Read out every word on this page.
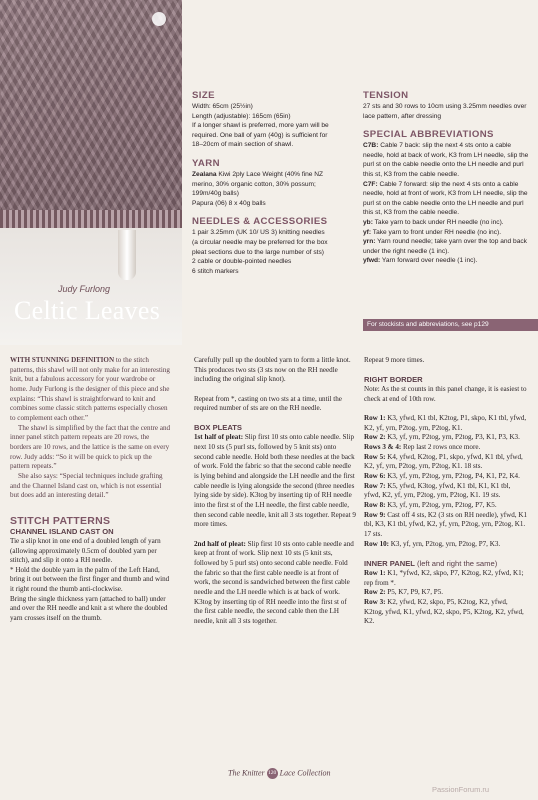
Judy Furlong
Celtic Leaves
SIZE
Width: 65cm (25½in)
Length (adjustable): 165cm (65in)
If a longer shawl is preferred, more yarn will be required. One ball of yarn (40g) is sufficient for 18–20cm of main section of shawl.
YARN
Zealana Kiwi 2ply Lace Weight (40% fine NZ merino, 30% organic cotton, 30% possum; 199m/40g balls)
Papura (06) 8 x 40g balls
NEEDLES & ACCESSORIES
1 pair 3.25mm (UK 10/ US 3) knitting needles
(a circular needle may be preferred for the box pleat sections due to the large number of sts)
2 cable or double-pointed needles
6 stitch markers
TENSION
27 sts and 30 rows to 10cm using 3.25mm needles over lace pattern, after dressing
SPECIAL ABBREVIATIONS
C7B: Cable 7 back: slip the next 4 sts onto a cable needle, hold at back of work, K3 from LH needle, slip the purl st on the cable needle onto the LH needle and purl this st, K3 from the cable needle.
C7F: Cable 7 forward: slip the next 4 sts onto a cable needle, hold at front of work, K3 from LH needle, slip the purl st on the cable needle onto the LH needle and purl this st, K3 from the cable needle.
yb: Take yarn to back under RH needle (no inc).
yf: Take yarn to front under RH needle (no inc).
yrn: Yarn round needle; take yarn over the top and back under the right needle (1 inc).
yfwd: Yarn forward over needle (1 inc).
For stockists and abbreviations, see p129

WITH STUNNING DEFINITION to the stitch patterns, this shawl will not only make for an interesting knit, but a fabulous accessory for your wardrobe or home. Judy Furlong is the designer of this piece and she explains: “This shawl is straightforward to knit and combines some classic stitch patterns especially chosen to complement each other.”

The shawl is simplified by the fact that the centre and inner panel stitch pattern repeats are 20 rows, the borders are 10 rows, and the lattice is the same on every row. Judy adds: “So it will be quick to pick up the pattern repeats.”

She also says: “Special techniques include grafting and the Channel Island cast on, which is not essential but does add an interesting detail.”

STITCH PATTERNS
CHANNEL ISLAND CAST ON

Tie a slip knot in one end of a doubled length of yarn (allowing approximately 0.5cm of doubled yarn per stitch), and slip it onto a RH needle.

* Hold the double yarn in the palm of the Left Hand, bring it out between the first finger and thumb and wind it right round the thumb anti-clockwise.

Bring the single thickness yarn (attached to ball) under and over the RH needle and knit a st where the doubled yarn crosses itself on the thumb.

Carefully pull up the doubled yarn to form a little knot. This produces two sts (3 sts now on the RH needle including the original slip knot).

Repeat from *, casting on two sts at a time, until the required number of sts are on the RH needle.

BOX PLEATS

1st half of pleat: Slip first 10 sts onto cable needle. Slip next 10 sts (5 purl sts, followed by 5 knit sts) onto second cable needle. Hold both these needles at the back of work. Fold the fabric so that the second cable needle is lying behind and alongside the LH needle and the first cable needle is lying alongside the second (three needles lying side by side). K3tog by inserting tip of RH needle into the first st of the LH needle, the first cable needle, then second cable needle, knit all 3 sts together. Repeat 9 more times.

2nd half of pleat: Slip first 10 sts onto cable needle and keep at front of work. Slip next 10 sts (5 knit sts, followed by 5 purl sts) onto second cable needle. Fold the fabric so that the first cable needle is at front of work, the second is sandwiched between the first cable needle and the LH needle which is at back of work. K3tog by inserting tip of RH needle into the first st of the first cable needle, the second cable then the LH needle, knit all 3 sts together.

Repeat 9 more times.

RIGHT BORDER

Note: As the st counts in this panel change, it is easiest to check at end of 10th row.

Row 1: K3, yfwd, K1 tbl, K2tog, P1, skpo, K1 tbl, yfwd, K2, yf, yrn, P2tog, yrn, P2tog, K1.

Row 2: K3, yf, yrn, P2tog, yrn, P2tog, P3, K1, P3, K3.

Rows 3 & 4: Rep last 2 rows once more.

Row 5: K4, yfwd, K2tog, P1, skpo, yfwd, K1 tbl, yfwd, K2, yf, yrn, P2tog, yrn, P2tog, K1. 18 sts.

Row 6: K3, yf, yrn, P2tog, yrn, P2tog, P4, K1, P2, K4.

Row 7: K5, yfwd, K3tog, yfwd, K1 tbl, K1, K1 tbl, yfwd, K2, yf, yrn, P2tog, yrn, P2tog, K1. 19 sts.

Row 8: K3, yf, yrn, P2tog, yrn, P2tog, P7, K5.

Row 9: Cast off 4 sts, K2 (3 sts on RH needle), yfwd, K1 tbl, K3, K1 tbl, yfwd, K2, yf, yrn, P2tog, yrn, P2tog, K1. 17 sts.

Row 10: K3, yf, yrn, P2tog, yrn, P2tog, P7, K3.

INNER PANEL (left and right the same)

Row 1: K1, *yfwd, K2, skpo, P7, K2tog, K2, yfwd, K1; rep from *.

Row 2: P5, K7, P9, K7, P5.

Row 3: K2, yfwd, K2, skpo, P5, K2tog, K2, yfwd, K2tog, yfwd, K1, yfwd, K2, skpo, P5, K2tog, K2, yfwd, K2.

The Knitter 120 Lace Collection
PassionForum.ru
